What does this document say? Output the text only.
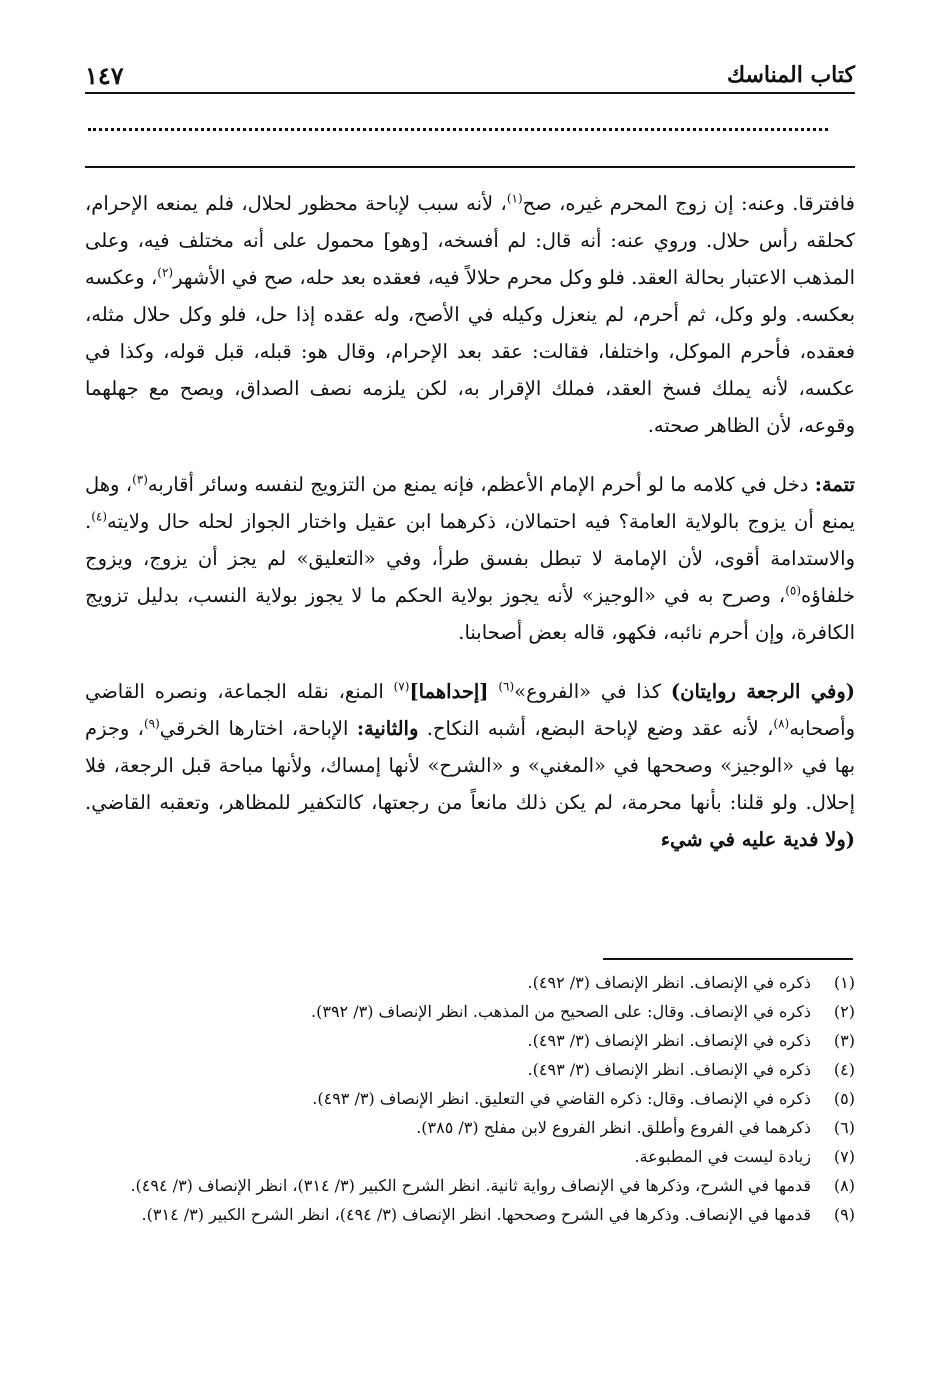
كتاب المناسك
١٤٧

فافترقا. وعنه: إن زوج المحرم غيره، صح$^{(١)}$، لأنه سبب لإباحة محظور لحلال، فلم يمنعه الإحرام، كحلقه رأس حلال. وروي عنه: أنه قال: لم أفسخه، [وهو] محمول على أنه مختلف فيه، وعلى المذهب الاعتبار بحالة العقد. فلو وكل محرم حلالاً فيه، فعقده بعد حله، صح في الأشهر$^{(٢)}$، وعكسه بعكسه. ولو وكل، ثم أحرم، لم ينعزل وكيله في الأصح، وله عقده إذا حل، فلو وكل حلال مثله، فعقده، فأحرم الموكل، واختلفا، فقالت: عقد بعد الإحرام، وقال هو: قبله، قبل قوله، وكذا في عكسه، لأنه يملك فسخ العقد، فملك الإقرار به، لكن يلزمه نصف الصداق، ويصح مع جهلهما وقوعه، لأن الظاهر صحته.

تتمة: دخل في كلامه ما لو أحرم الإمام الأعظم، فإنه يمنع من التزويج لنفسه وسائر أقاربه$^{(٣)}$، وهل يمنع أن يزوج بالولاية العامة؟ فيه احتمالان، ذكرهما ابن عقيل واختار الجواز لحله حال ولايته$^{(٤)}$. والاستدامة أقوى، لأن الإمامة لا تبطل بفسق طرأ، وفي «التعليق» لم يجز أن يزوج، ويزوج خلفاؤه$^{(٥)}$، وصرح به في «الوجيز» لأنه يجوز بولاية الحكم ما لا يجوز بولاية النسب، بدليل تزويج الكافرة، وإن أحرم نائبه، فكهو، قاله بعض أصحابنا.

(وفي الرجعة روايتان) كذا في «الفروع»$^{(٦)}$ [إحداهما]$^{(٧)}$ المنع، نقله الجماعة، ونصره القاضي وأصحابه$^{(٨)}$، لأنه عقد وضع لإباحة البضع، أشبه النكاح. والثانية: الإباحة، اختارها الخرقي$^{(٩)}$، وجزم بها في «الوجيز» وصححها في «المغني» و «الشرح» لأنها إمساك، ولأنها مباحة قبل الرجعة، فلا إحلال. ولو قلنا: بأنها محرمة، لم يكن ذلك مانعاً من رجعتها، كالتكفير للمظاهر، وتعقبه القاضي. (ولا فدية عليه في شيء

(١)
ذكره في الإنصاف. انظر الإنصاف (٣/ ٤٩٢).
(٢)
ذكره في الإنصاف. وقال: على الصحيح من المذهب. انظر الإنصاف (٣/ ٣٩٢).
(٣)
ذكره في الإنصاف. انظر الإنصاف (٣/ ٤٩٣).
(٤)
ذكره في الإنصاف. انظر الإنصاف (٣/ ٤٩٣).
(٥)
ذكره في الإنصاف. وقال: ذكره القاضي في التعليق. انظر الإنصاف (٣/ ٤٩٣).
(٦)
ذكرهما في الفروع وأطلق. انظر الفروع لابن مفلح (٣/ ٣٨٥).
(٧)
زيادة ليست في المطبوعة.
(٨)
قدمها في الشرح، وذكرها في الإنصاف رواية ثانية. انظر الشرح الكبير (٣/ ٣١٤)، انظر الإنصاف (٣/ ٤٩٤).
(٩)
قدمها في الإنصاف. وذكرها في الشرح وصححها. انظر الإنصاف (٣/ ٤٩٤)، انظر الشرح الكبير (٣/ ٣١٤).
